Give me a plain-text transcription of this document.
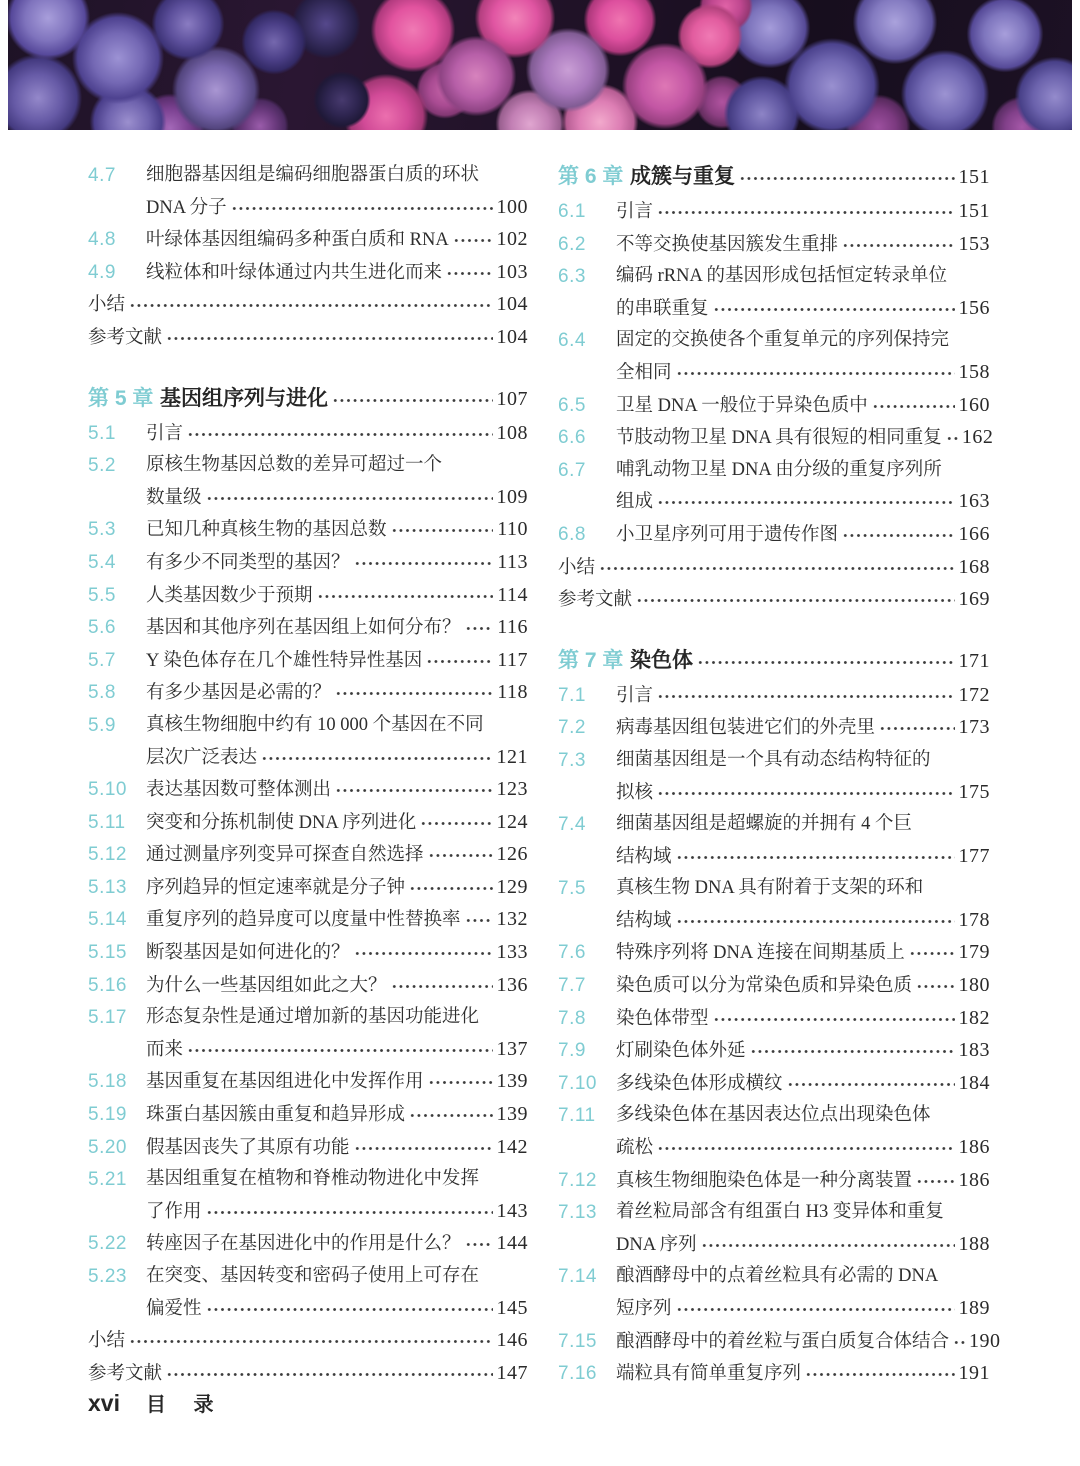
4.7	细胞器基因组是编码细胞器蛋白质的环状
DNA 分子	100
4.8	叶绿体基因组编码多种蛋白质和 RNA 102
4.9	线粒体和叶绿体通过内共生进化而来	103
小结	104
参考文献	104
第 5 章 基因组序列与进化	107
5.1	引言	108
5.2	原核生物基因总数的差异可超过一个
数量级	109
5.3	已知几种真核生物的基因总数	110
5.4	有多少不同类型的基因？	113
5.5	人类基因数少于预期	114
5.6	基因和其他序列在基因组上如何分布？ 116
5.7	Y 染色体存在几个雄性特异性基因	117
5.8	有多少基因是必需的？	118
5.9	真核生物细胞中约有 10 000 个基因在不同
层次广泛表达	121
5.10	表达基因数可整体测出	123
5.11	突变和分拣机制使 DNA 序列进化	124
5.12	通过测量序列变异可探查自然选择	126
5.13	序列趋异的恒定速率就是分子钟	129
5.14	重复序列的趋异度可以度量中性替换率 132
5.15	断裂基因是如何进化的？	133
5.16	为什么一些基因组如此之大？	136
5.17	形态复杂性是通过增加新的基因功能进化
而来	137
5.18	基因重复在基因组进化中发挥作用	139
5.19	珠蛋白基因簇由重复和趋异形成	139
5.20	假基因丧失了其原有功能	142
5.21	基因组重复在植物和脊椎动物进化中发挥
了作用	143
5.22	转座因子在基因进化中的作用是什么？ 144
5.23	在突变、基因转变和密码子使用上可存在
偏爱性	145
小结	146
参考文献	147
第 6 章 成簇与重复	151
6.1	引言	151
6.2	不等交换使基因簇发生重排	153
6.3	编码 rRNA 的基因形成包括恒定转录单位
的串联重复	156
6.4	固定的交换使各个重复单元的序列保持完
全相同	158
6.5	卫星 DNA 一般位于异染色质中	160
6.6	节肢动物卫星 DNA 具有很短的相同重复 162
6.7	哺乳动物卫星 DNA 由分级的重复序列所
组成	163
6.8	小卫星序列可用于遗传作图	166
小结	168
参考文献	169
第 7 章 染色体	171
7.1	引言	172
7.2	病毒基因组包装进它们的外壳里	173
7.3	细菌基因组是一个具有动态结构特征的
拟核	175
7.4	细菌基因组是超螺旋的并拥有 4 个巨
结构域	177
7.5	真核生物 DNA 具有附着于支架的环和
结构域	178
7.6	特殊序列将 DNA 连接在间期基质上	179
7.7	染色质可以分为常染色质和异染色质 180
7.8	染色体带型	182
7.9	灯刷染色体外延	183
7.10	多线染色体形成横纹	184
7.11	多线染色体在基因表达位点出现染色体
疏松	186
7.12	真核生物细胞染色体是一种分离装置 186
7.13	着丝粒局部含有组蛋白 H3 变异体和重复
DNA 序列	188
7.14	酿酒酵母中的点着丝粒具有必需的 DNA
短序列	189
7.15	酿酒酵母中的着丝粒与蛋白质复合体结合 190
7.16	端粒具有简单重复序列	191
xvi 目 录
